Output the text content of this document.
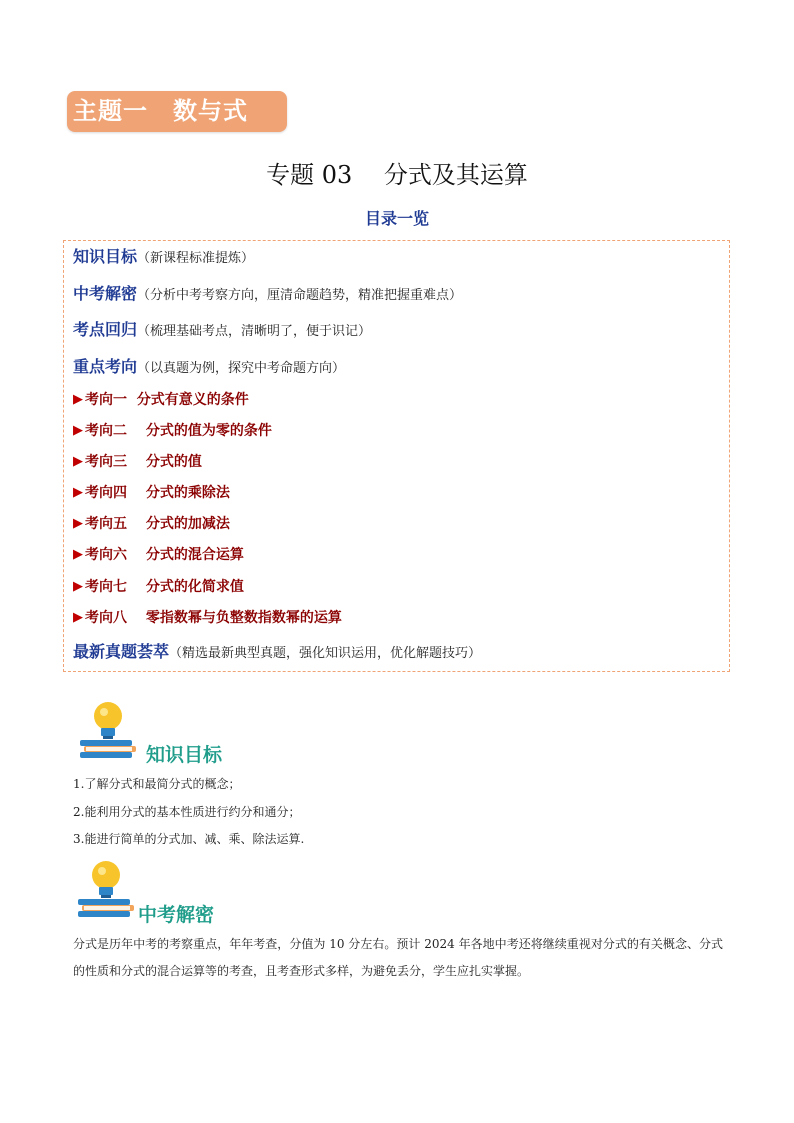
主题一　数与式
专题 03　 分式及其运算
目录一览
知识目标 （新课程标准提炼）
中考解密 （分析中考考察方向，厘清命题趋势，精准把握重难点）
考点回归 （梳理基础考点，清晰明了，便于识记）
重点考向 （以真题为例，探究中考命题方向）
▶ 考向一  分式有意义的条件
▶ 考向二　 分式的值为零的条件
▶ 考向三　 分式的值
▶ 考向四　 分式的乘除法
▶ 考向五　 分式的加减法
▶ 考向六　 分式的混合运算
▶ 考向七　 分式的化简求值
▶ 考向八　 零指数幂与负整数指数幂的运算
最新真题荟萃 （精选最新典型真题，强化知识运用，优化解题技巧）
知识目标
1.了解分式和最简分式的概念；
2.能利用分式的基本性质进行约分和通分；
3.能进行简单的分式加、减、乘、除法运算.
中考解密
分式是历年中考的考察重点，年年考查，分值为 10 分左右。预计 2024 年各地中考还将继续重视对分式的有关概念、分式的性质和分式的混合运算等的考查，且考查形式多样，为避免丢分，学生应扎实掌握。
